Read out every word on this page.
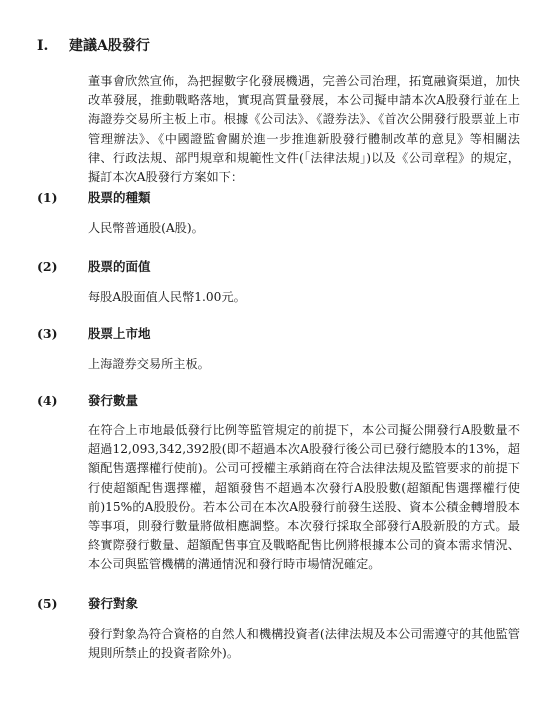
I.	建議A股發行

董事會欣然宣佈，為把握數字化發展機遇，完善公司治理，拓寬融資渠道，加快改革發展，推動戰略落地，實現高質量發展，本公司擬申請本次A股發行並在上海證券交易所主板上市。根據《公司法》、《證券法》、《首次公開發行股票並上市管理辦法》、《中國證監會關於進一步推進新股發行體制改革的意見》等相關法律、行政法規、部門規章和規範性文件(「法律法規」)以及《公司章程》的規定，擬訂本次A股發行方案如下：

(1)	股票的種類

人民幣普通股(A股)。

(2)	股票的面值

每股A股面值人民幣1.00元。

(3)	股票上市地

上海證券交易所主板。

(4)	發行數量

在符合上市地最低發行比例等監管規定的前提下，本公司擬公開發行A股數量不超過12,093,342,392股(即不超過本次A股發行後公司已發行總股本的13%，超額配售選擇權行使前)。公司可授權主承銷商在符合法律法規及監管要求的前提下行使超額配售選擇權，超額發售不超過本次發行A股股數(超額配售選擇權行使前)15%的A股股份。若本公司在本次A股發行前發生送股、資本公積金轉增股本等事項，則發行數量將做相應調整。本次發行採取全部發行A股新股的方式。最終實際發行數量、超額配售事宜及戰略配售比例將根據本公司的資本需求情況、本公司與監管機構的溝通情況和發行時市場情況確定。

(5)	發行對象

發行對象為符合資格的自然人和機構投資者(法律法規及本公司需遵守的其他監管規則所禁止的投資者除外)。
